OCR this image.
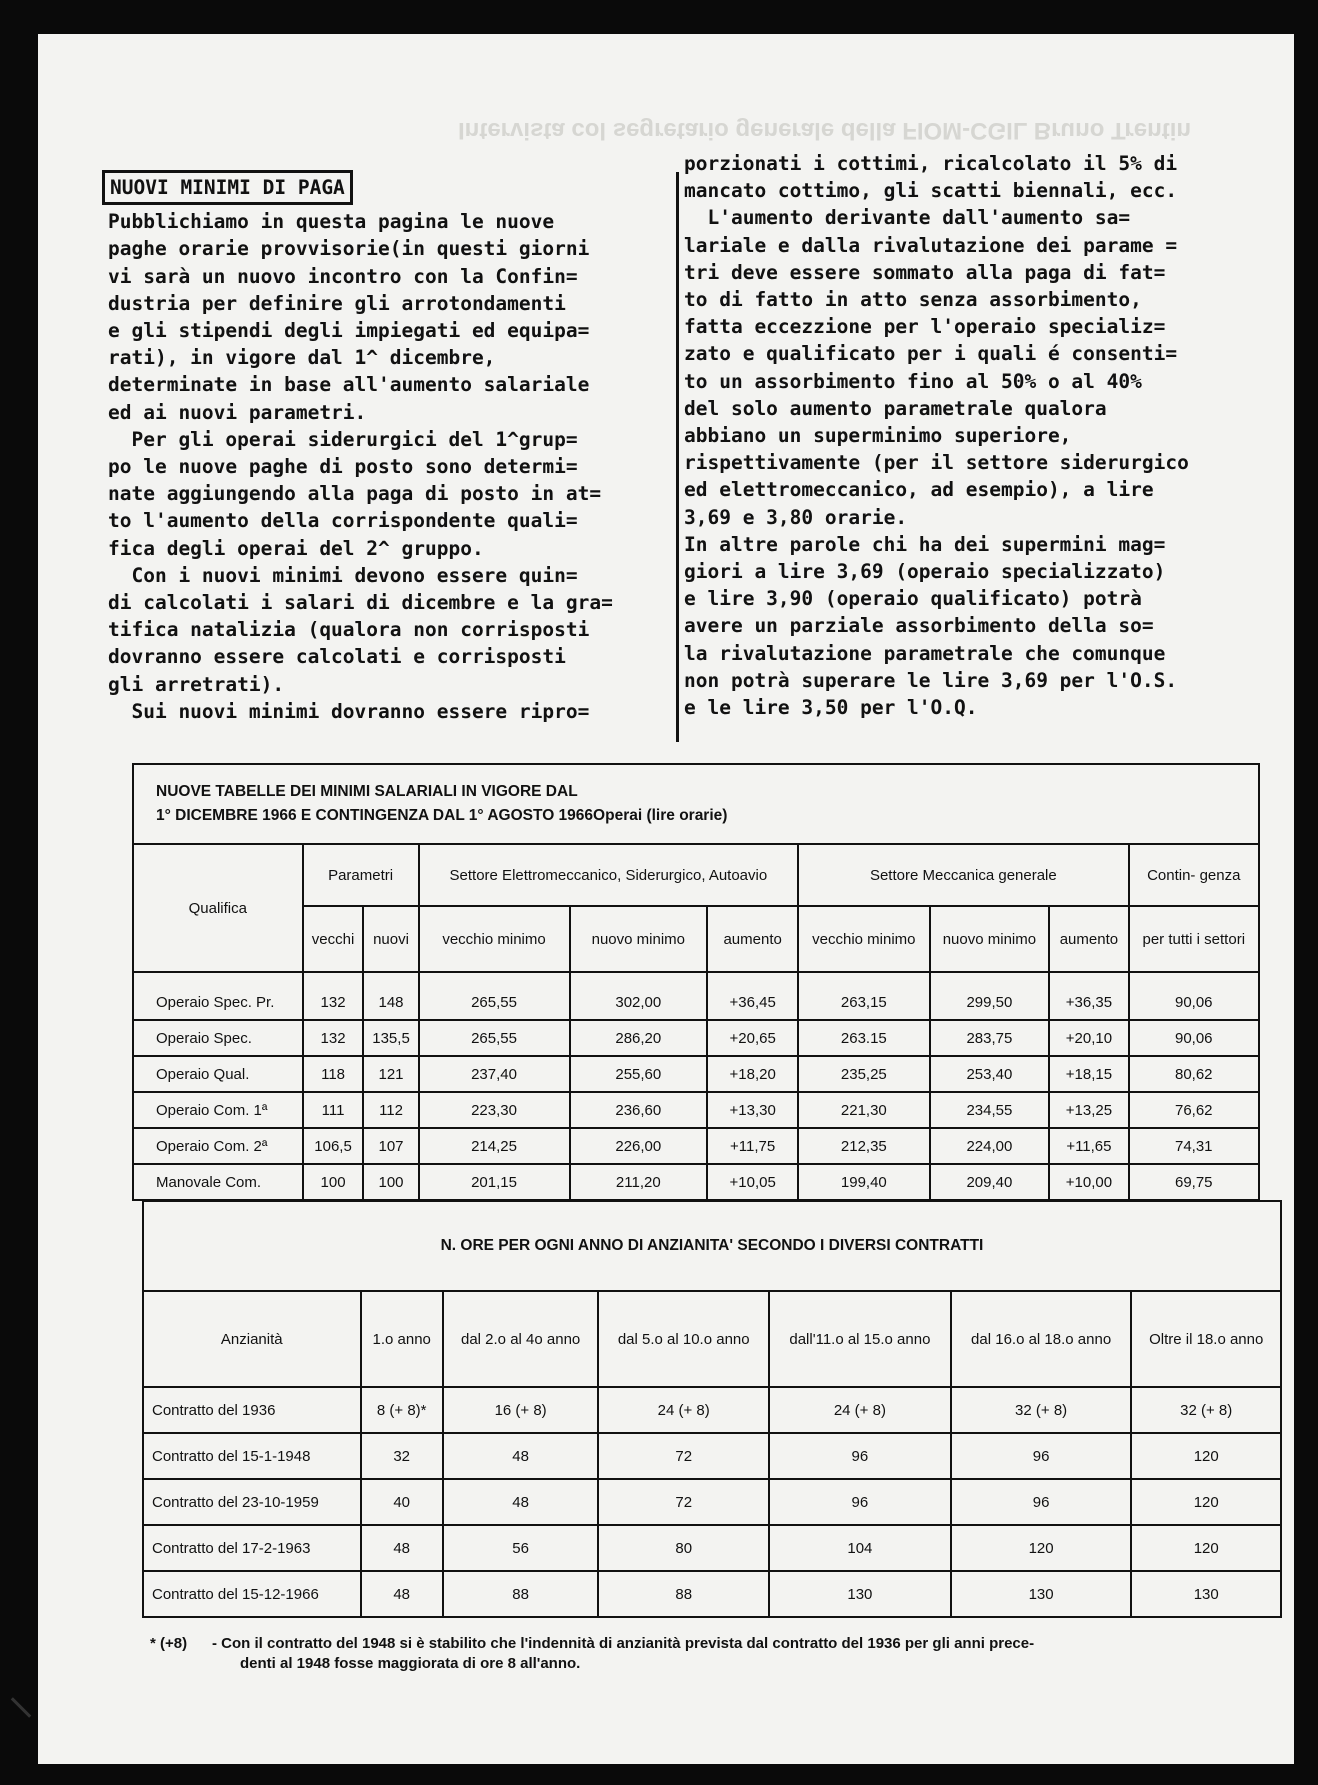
Intervista col segretario generale della FIOM-CGIL Bruno Trentin
NUOVI MINIMI DI PAGA

Pubblichiamo in questa pagina le nuove

paghe orarie provvisorie(in questi giorni

vi sarà un nuovo incontro con la Confin=

dustria per definire gli arrotondamenti

e gli stipendi degli impiegati ed equipa=

rati), in vigore dal 1^ dicembre,

determinate in base all'aumento salariale

ed ai nuovi parametri.

Per gli operai siderurgici del 1^grup=

po le nuove paghe di posto sono determi=

nate aggiungendo alla paga di posto in at=

to l'aumento della corrispondente quali=

fica degli operai del 2^ gruppo.

Con i nuovi minimi devono essere quin=

di calcolati i salari di dicembre e la gra=

tifica natalizia (qualora non corrisposti

dovranno essere calcolati e corrisposti

gli arretrati).

Sui nuovi minimi dovranno essere ripro=

porzionati i cottimi, ricalcolato il 5% di

mancato cottimo, gli scatti biennali, ecc.

L'aumento derivante dall'aumento sa=

lariale e dalla rivalutazione dei parame =

tri deve essere sommato alla paga di fat=

to di fatto in atto senza assorbimento,

fatta eccezzione per l'operaio specializ=

zato e qualificato per i quali é consenti=

to un assorbimento fino al 50% o al 40%

del solo aumento parametrale qualora

abbiano un superminimo superiore,

rispettivamente (per il settore siderurgico

ed elettromeccanico, ad esempio), a lire

3,69 e 3,80 orarie.

In altre parole chi ha dei supermini mag=

giori a lire 3,69 (operaio specializzato)

e lire 3,90 (operaio qualificato) potrà

avere un parziale assorbimento della so=

la rivalutazione parametrale che comunque

non potrà superare le lire 3,69 per l'O.S.

e le lire 3,50 per l'O.Q.

NUOVE TABELLE DEI MINIMI SALARIALI IN VIGORE DAL
1° DICEMBRE 1966 E CONTINGENZA DAL 1° AGOSTO 1966Operai (lire orarie)									
Qualifica	Parametri		Settore Elettromeccanico, Siderurgico, Autoavio			Settore Meccanica generale			Contin- genza
	vecchi	nuovi	vecchio minimo	nuovo minimo	aumento	vecchio minimo	nuovo minimo	aumento	per tutti i settori
Operaio Spec. Pr.	132	148	265,55	302,00	+36,45	263,15	299,50	+36,35	90,06
Operaio Spec.	132	135,5	265,55	286,20	+20,65	263.15	283,75	+20,10	90,06
Operaio Qual.	118	121	237,40	255,60	+18,20	235,25	253,40	+18,15	80,62
Operaio Com. 1ª	111	112	223,30	236,60	+13,30	221,30	234,55	+13,25	76,62
Operaio Com. 2ª	106,5	107	214,25	226,00	+11,75	212,35	224,00	+11,65	74,31
Manovale Com.	100	100	201,15	211,20	+10,05	199,40	209,40	+10,00	69,75
N. ORE PER OGNI ANNO DI ANZIANITA' SECONDO I DIVERSI CONTRATTI						
Anzianità	1.o anno	dal 2.o al 4o anno	dal 5.o al 10.o anno	dall'11.o al 15.o anno	dal 16.o al 18.o anno	Oltre il 18.o anno
Contratto del 1936	8 (+ 8)*	16 (+ 8)	24 (+ 8)	24 (+ 8)	32 (+ 8)	32 (+ 8)
Contratto del 15-1-1948	32	48	72	96	96	120
Contratto del 23-10-1959	40	48	72	96	96	120
Contratto del 17-2-1963	48	56	80	104	120	120
Contratto del 15-12-1966	48	88	88	130	130	130
* (+8) - Con il contratto del 1948 si è stabilito che l'indennità di anzianità prevista dal contratto del 1936 per gli anni prece-
denti al 1948 fosse maggiorata di ore 8 all'anno.
